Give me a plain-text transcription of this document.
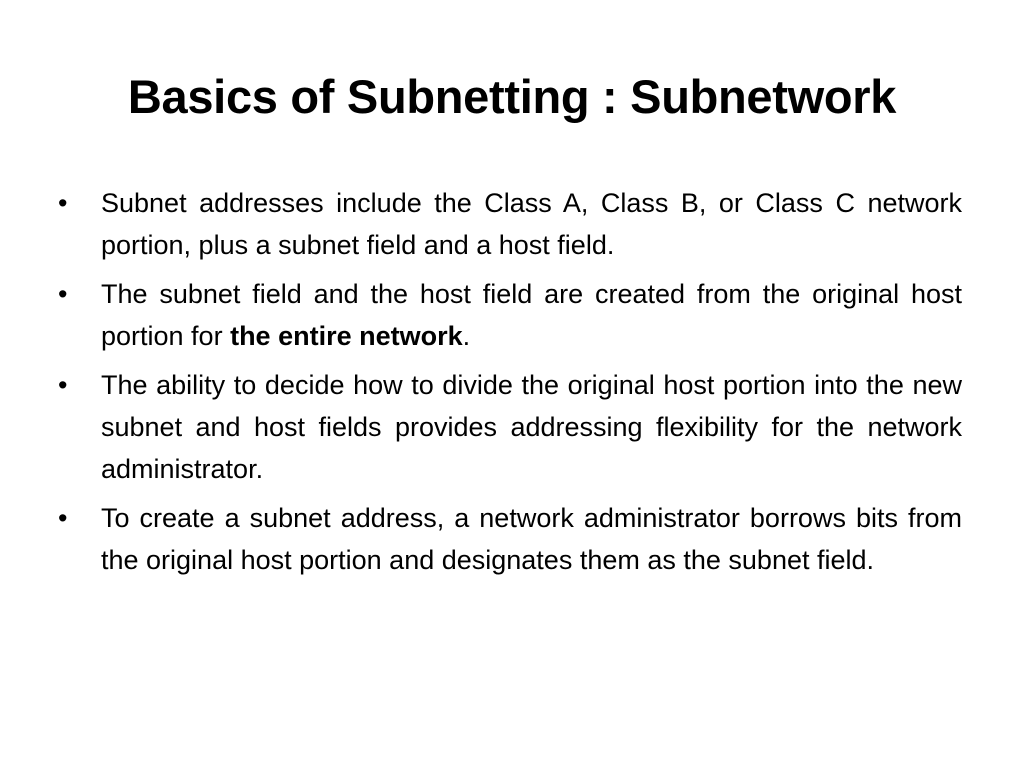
Basics of Subnetting : Subnetwork
•	Subnet addresses include the Class A, Class B, or Class C network portion, plus a subnet field and a host field.
•	The subnet field and the host field are created from the original host portion for the entire network.
•	The ability to decide how to divide the original host portion into the new subnet and host fields provides addressing flexibility for the network administrator.
•	To create a subnet address, a network administrator borrows bits from the original host portion and designates them as the subnet field.
